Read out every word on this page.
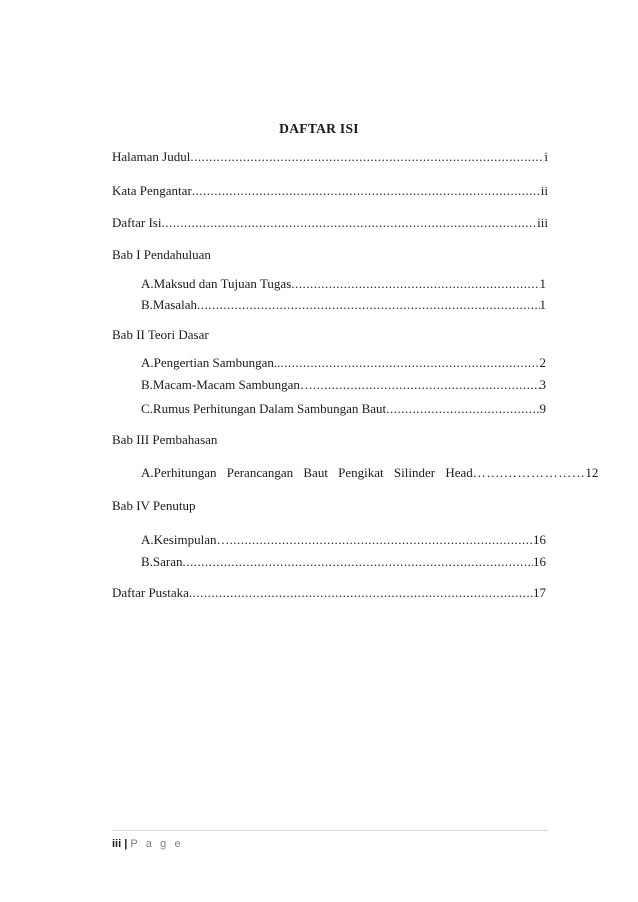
DAFTAR ISI
Halaman Judul .....	i
Kata Pengantar .....	ii
Daftar Isi .....	iii
Bab I Pendahuluan
A. Maksud dan Tujuan Tugas .....	1
B. Masalah .....	1
Bab II Teori Dasar
A. Pengertian Sambungan.. .....	2
B. Macam-Macam Sambungan… .....	3
C. Rumus Perhitungan Dalam Sambungan Baut .....	9
Bab III Pembahasan
A. Perhitungan Perancangan Baut Pengikat Silinder Head …….………………	12
Bab IV Penutup
A. Kesimpulan… .....	16
B. Saran .....	16
Daftar Pustaka .....	17
iii | P a g e
